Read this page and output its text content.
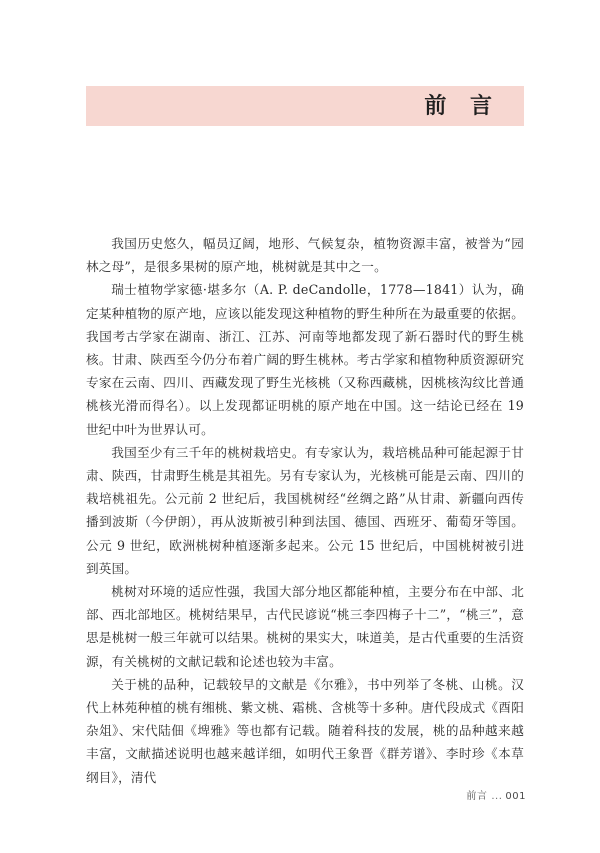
前 言

我国历史悠久，幅员辽阔，地形、气候复杂，植物资源丰富，被誉为“园林之母”，是很多果树的原产地，桃树就是其中之一。

瑞士植物学家德·堪多尔（A. P. deCandolle，1778—1841）认为，确定某种植物的原产地，应该以能发现这种植物的野生种所在为最重要的依据。我国考古学家在湖南、浙江、江苏、河南等地都发现了新石器时代的野生桃核。甘肃、陕西至今仍分布着广阔的野生桃林。考古学家和植物种质资源研究专家在云南、四川、西藏发现了野生光核桃（又称西藏桃，因桃核沟纹比普通桃核光滑而得名）。以上发现都证明桃的原产地在中国。这一结论已经在 19 世纪中叶为世界认可。

我国至少有三千年的桃树栽培史。有专家认为，栽培桃品种可能起源于甘肃、陕西，甘肃野生桃是其祖先。另有专家认为，光核桃可能是云南、四川的栽培桃祖先。公元前 2 世纪后，我国桃树经“丝绸之路”从甘肃、新疆向西传播到波斯（今伊朗），再从波斯被引种到法国、德国、西班牙、葡萄牙等国。公元 9 世纪，欧洲桃树种植逐渐多起来。公元 15 世纪后，中国桃树被引进到英国。

桃树对环境的适应性强，我国大部分地区都能种植，主要分布在中部、北部、西北部地区。桃树结果早，古代民谚说“桃三李四梅子十二”，“桃三”，意思是桃树一般三年就可以结果。桃树的果实大，味道美，是古代重要的生活资源，有关桃树的文献记载和论述也较为丰富。

关于桃的品种，记载较早的文献是《尔雅》，书中列举了冬桃、山桃。汉代上林苑种植的桃有缃桃、紫文桃、霜桃、含桃等十多种。唐代段成式《酉阳杂俎》、宋代陆佃《埤雅》等也都有记载。随着科技的发展，桃的品种越来越丰富，文献描述说明也越来越详细，如明代王象晋《群芳谱》、李时珍《本草纲目》，清代

前言 ... 001
